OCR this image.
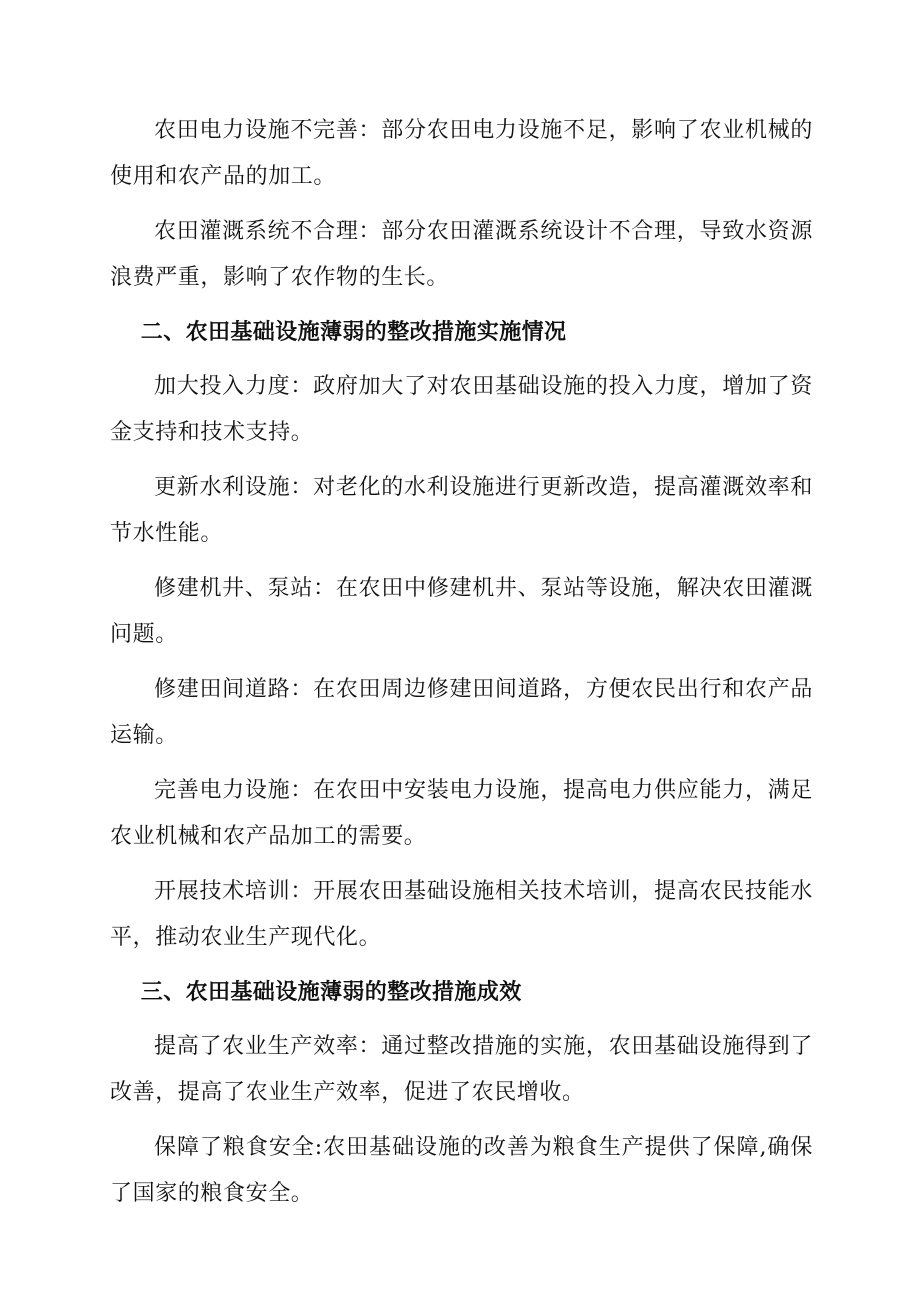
农田电力设施不完善：部分农田电力设施不足，影响了农业机械的使用和农产品的加工。

农田灌溉系统不合理：部分农田灌溉系统设计不合理，导致水资源浪费严重，影响了农作物的生长。

二、农田基础设施薄弱的整改措施实施情况

加大投入力度：政府加大了对农田基础设施的投入力度，增加了资金支持和技术支持。

更新水利设施：对老化的水利设施进行更新改造，提高灌溉效率和节水性能。

修建机井、泵站：在农田中修建机井、泵站等设施，解决农田灌溉问题。

修建田间道路：在农田周边修建田间道路，方便农民出行和农产品运输。

完善电力设施：在农田中安装电力设施，提高电力供应能力，满足农业机械和农产品加工的需要。

开展技术培训：开展农田基础设施相关技术培训，提高农民技能水平，推动农业生产现代化。

三、农田基础设施薄弱的整改措施成效

提高了农业生产效率：通过整改措施的实施，农田基础设施得到了改善，提高了农业生产效率，促进了农民增收。

保障了粮食安全:农田基础设施的改善为粮食生产提供了保障,确保了国家的粮食安全。
